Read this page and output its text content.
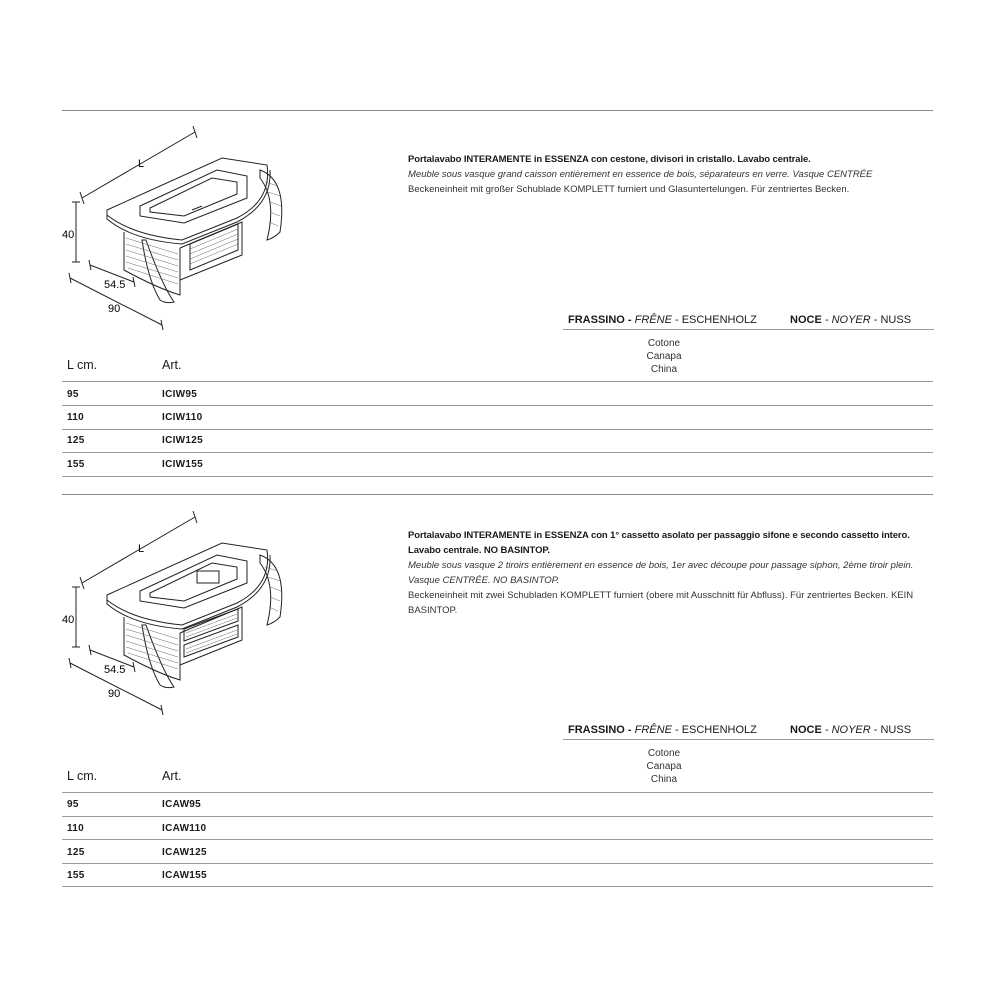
L
40
54.5
90
Portalavabo INTERAMENTE in ESSENZA con cestone, divisori in cristallo. Lavabo centrale.
Meuble sous vasque grand caisson entièrement en essence de bois, séparateurs en verre. Vasque CENTRÉE
Beckeneinheit mit großer Schublade KOMPLETT furniert und Glasuntertelungen. Für zentriertes Becken.
FRASSINO - FRÊNE - ESCHENHOLZ	NOCE - NOYER - NUSS
Cotone
Canapa
China
L cm.	Art.
95	ICIW95
110	ICIW110
125	ICIW125
155	ICIW155
L
40
54.5
90
Portalavabo INTERAMENTE in ESSENZA con 1° cassetto asolato per passaggio sifone e secondo cassetto intero. Lavabo centrale. NO BASINTOP.
Meuble sous vasque 2 tiroirs entièrement en essence de bois, 1er avec découpe pour passage siphon, 2ème tiroir plein. Vasque CENTRÉE. NO BASINTOP.
Beckeneinheit mit zwei Schubladen KOMPLETT furniert (obere mit Ausschnitt für Abfluss). Für zentriertes Becken. KEIN BASINTOP.
FRASSINO - FRÊNE - ESCHENHOLZ	NOCE - NOYER - NUSS
Cotone
Canapa
China
L cm.	Art.
95	ICAW95
110	ICAW110
125	ICAW125
155	ICAW155
